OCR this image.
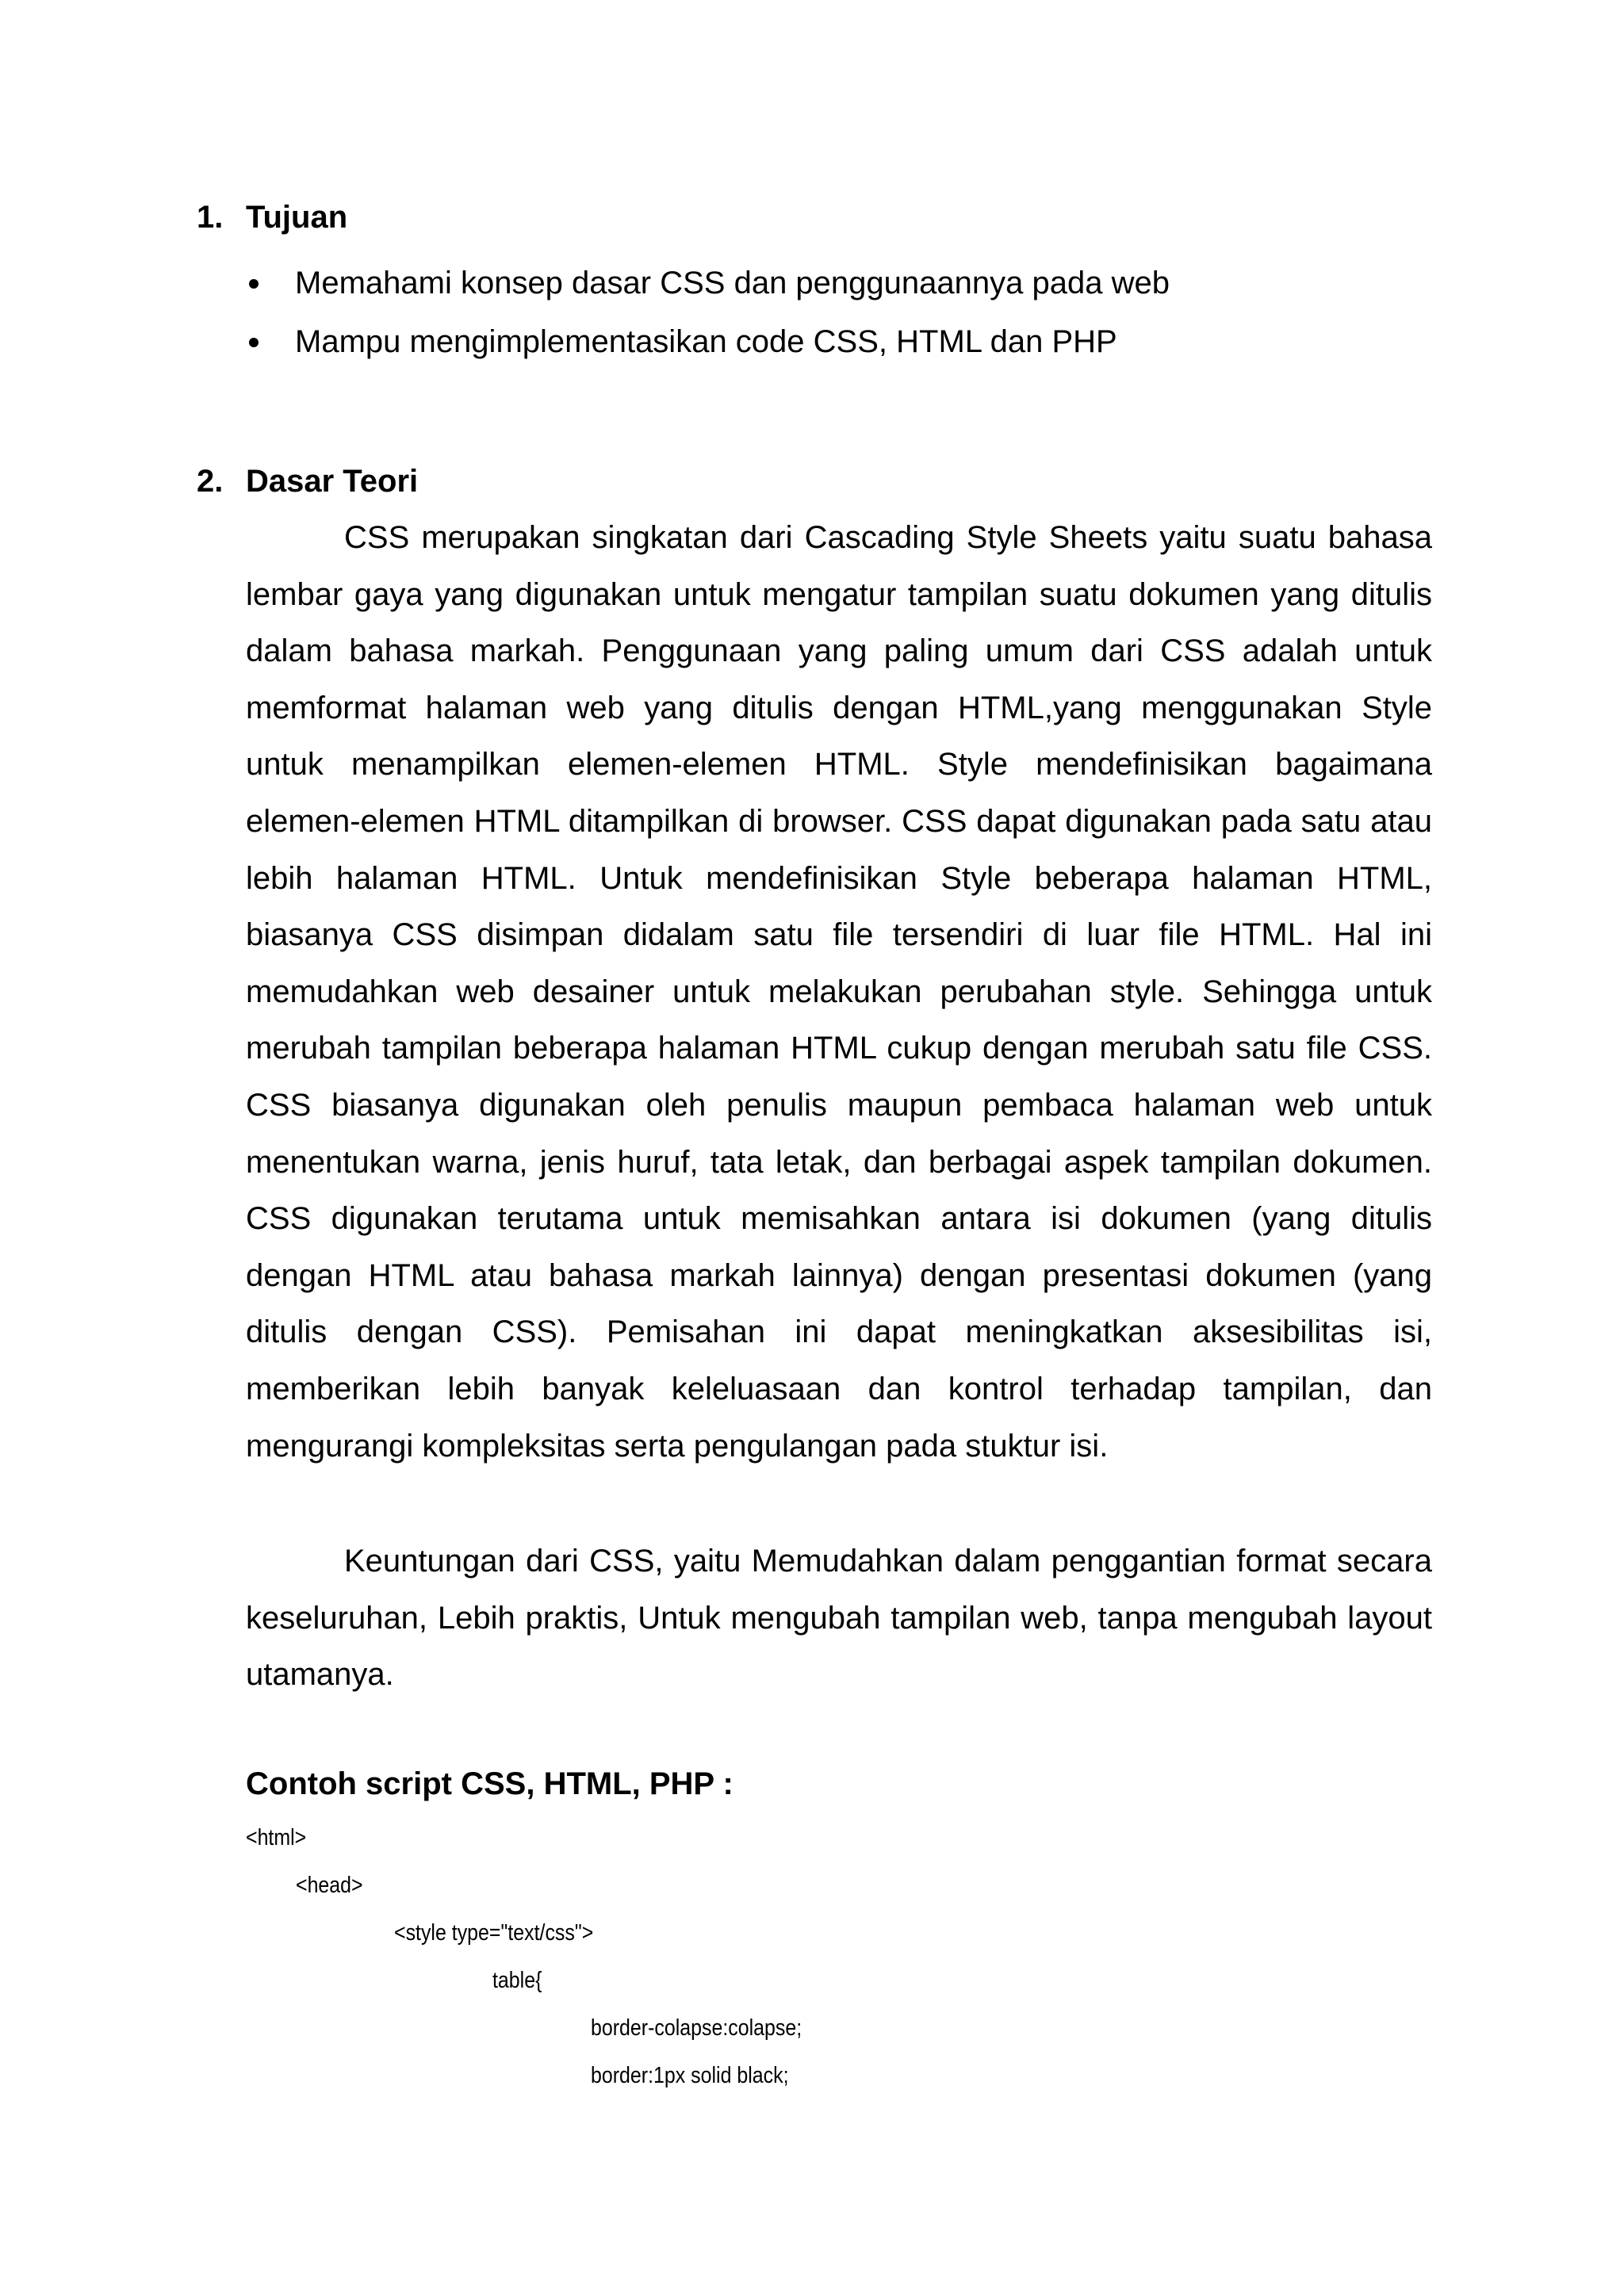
1. Tujuan
Memahami konsep dasar CSS dan penggunaannya pada web
Mampu mengimplementasikan code CSS, HTML dan PHP
2. Dasar Teori

CSS merupakan singkatan dari Cascading Style Sheets yaitu suatu bahasa lembar gaya yang digunakan untuk mengatur tampilan suatu dokumen yang ditulis dalam bahasa markah. Penggunaan yang paling umum dari CSS adalah untuk memformat halaman web yang ditulis dengan HTML,yang menggunakan Style untuk menampilkan elemen-elemen HTML. Style mendefinisikan bagaimana elemen-elemen HTML ditampilkan di browser. CSS dapat digunakan pada satu atau lebih halaman HTML. Untuk mendefinisikan Style beberapa halaman HTML, biasanya CSS disimpan didalam satu file tersendiri di luar file HTML. Hal ini memudahkan web desainer untuk melakukan perubahan style. Sehingga untuk merubah tampilan beberapa halaman HTML cukup dengan merubah satu file CSS. CSS biasanya digunakan oleh penulis maupun pembaca halaman web untuk menentukan warna, jenis huruf, tata letak, dan berbagai aspek tampilan dokumen. CSS digunakan terutama untuk memisahkan antara isi dokumen (yang ditulis dengan HTML atau bahasa markah lainnya) dengan presentasi dokumen (yang ditulis dengan CSS). Pemisahan ini dapat meningkatkan aksesibilitas isi, memberikan lebih banyak keleluasaan dan kontrol terhadap tampilan, dan mengurangi kompleksitas serta pengulangan pada stuktur isi.

Keuntungan dari CSS, yaitu Memudahkan dalam penggantian format secara keseluruhan, Lebih praktis, Untuk mengubah tampilan web, tanpa mengubah layout utamanya.

Contoh script CSS, HTML, PHP :
<html>
<head>
<style type="text/css">
table{
border-colapse:colapse;
border:1px solid black;
